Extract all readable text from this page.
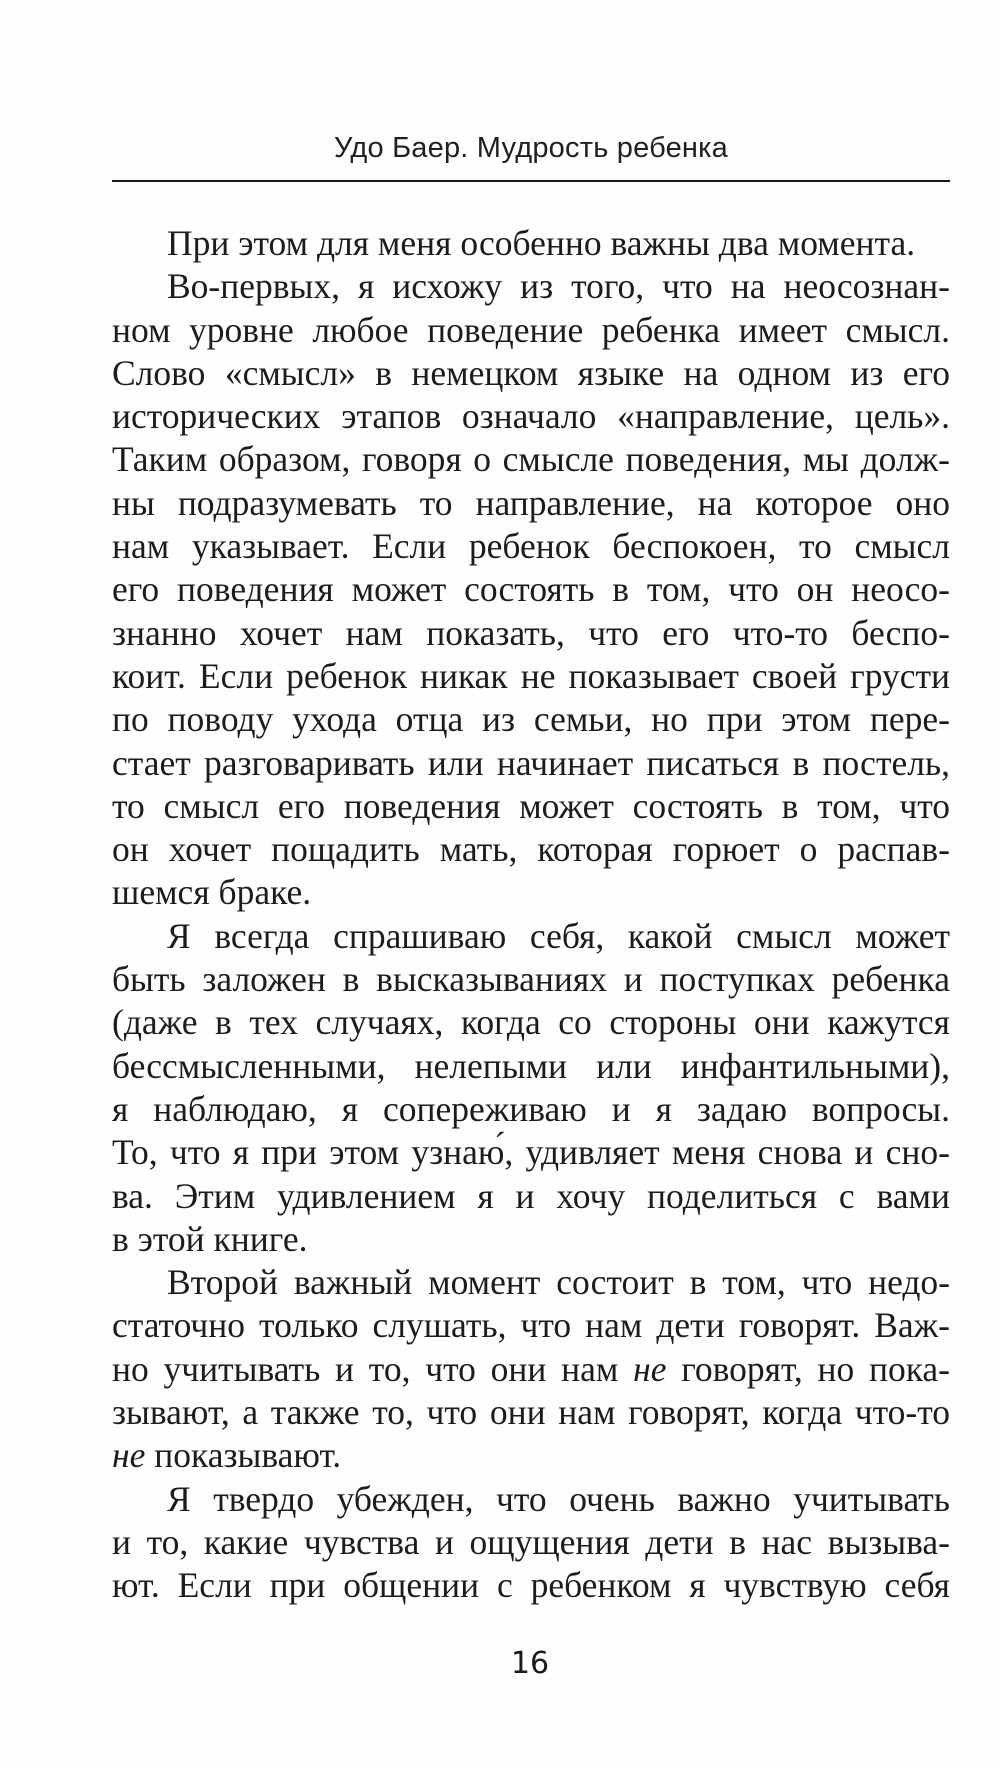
Удо Баер. Мудрость ребенка
При этом для меня особенно важны два момента.
Во-первых, я исхожу из того, что на неосознан-
ном уровне любое поведение ребенка имеет смысл.
Слово «смысл» в немецком языке на одном из его
исторических этапов означало «направление, цель».
Таким образом, говоря о смысле поведения, мы долж-
ны подразумевать то направление, на которое оно
нам указывает. Если ребенок беспокоен, то смысл
его поведения может состоять в том, что он неосо-
знанно хочет нам показать, что его что-то беспо-
коит. Если ребенок никак не показывает своей грусти
по поводу ухода отца из семьи, но при этом пере-
стает разговаривать или начинает писаться в постель,
то смысл его поведения может состоять в том, что
он хочет пощадить мать, которая горюет о распав-
шемся браке.
Я всегда спрашиваю себя, какой смысл может
быть заложен в высказываниях и поступках ребенка
(даже в тех случаях, когда со стороны они кажутся
бессмысленными, нелепыми или инфантильными),
я наблюдаю, я сопереживаю и я задаю вопросы.
То, что я при этом узнаю́, удивляет меня снова и сно-
ва. Этим удивлением я и хочу поделиться с вами
в этой книге.
Второй важный момент состоит в том, что недо-
статочно только слушать, что нам дети говорят. Важ-
но учитывать и то, что они нам не говорят, но пока-
зывают, а также то, что они нам говорят, когда что-то
не показывают.
Я твердо убежден, что очень важно учитывать
и то, какие чувства и ощущения дети в нас вызыва-
ют. Если при общении с ребенком я чувствую себя
16
